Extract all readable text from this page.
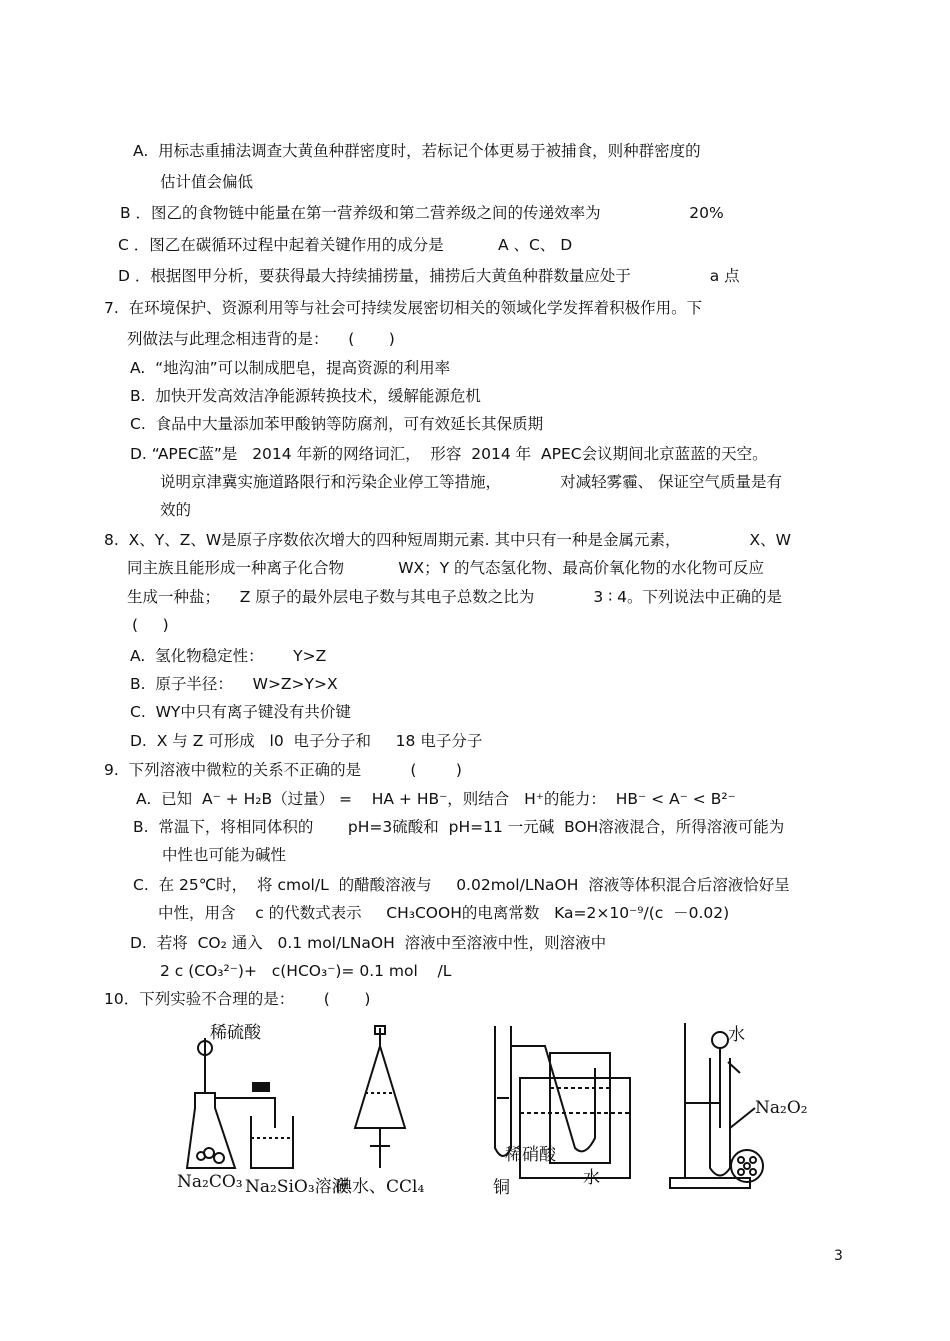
A.  用标志重捕法调查大黄鱼种群密度时，若标记个体更易于被捕食，则种群密度的
估计值会偏低
B ．图乙的食物链中能量在第一营养级和第二营养级之间的传递效率为                  20%
C ．图乙在碳循环过程中起着关键作用的成分是           A 、C、 D
D ．根据图甲分析，要获得最大持续捕捞量，捕捞后大黄鱼种群数量应处于                a 点
7.  在环境保护、资源利用等与社会可持续发展密切相关的领域化学发挥着积极作用。下
列做法与此理念相违背的是：    (       )
A.  “地沟油”可以制成肥皂，提高资源的利用率
B.  加快开发高效洁净能源转换技术，缓解能源危机
C.  食品中大量添加苯甲酸钠等防腐剂，可有效延长其保质期
D. “APEC蓝”是   2014 年新的网络词汇，  形容  2014 年  APEC会议期间北京蓝蓝的天空。
说明京津冀实施道路限行和污染企业停工等措施，            对减轻雾霾、 保证空气质量是有
效的
8.  X、Y、Z、W是原子序数依次增大的四种短周期元素. 其中只有一种是金属元素，              X、W
同主族且能形成一种离子化合物           WX；Y 的气态氢化物、最高价氧化物的水化物可反应
生成一种盐；    Z 原子的最外层电子数与其电子总数之比为            3 ∶ 4。下列说法中正确的是
(     )
A.  氢化物稳定性：      Y>Z
B.  原子半径：    W>Z>Y>X
C.  WY中只有离子键没有共价键
D.  X 与 Z 可形成   l0  电子分子和     18 电子分子
9.  下列溶液中微粒的关系不正确的是          (        )
A.  已知  A⁻ + H₂B（过量） =    HA + HB⁻，则结合   H⁺的能力：  HB⁻ < A⁻ < B²⁻
B.  常温下，将相同体积的       pH=3硫酸和  pH=11 一元碱  BOH溶液混合，所得溶液可能为
中性也可能为碱性
C.  在 25℃时，  将 cmol/L  的醋酸溶液与     0.02mol/LNaOH  溶液等体积混合后溶液恰好呈
中性，用含    c 的代数式表示     CH₃COOH的电离常数   Ka=2×10⁻⁹/(c  －0.02)
D.  若将  CO₂ 通入   0.1 mol/LNaOH  溶液中至溶液中性，则溶液中
2 c (CO₃²⁻)+   c(HCO₃⁻)= 0.1 mol    /L
10．下列实验不合理的是：      (       )
稀硫酸
Na₂CO₃ Na₂SiO₃溶液
碘水、CCl₄
稀硝酸
铜	水
水
Na₂O₂
3
